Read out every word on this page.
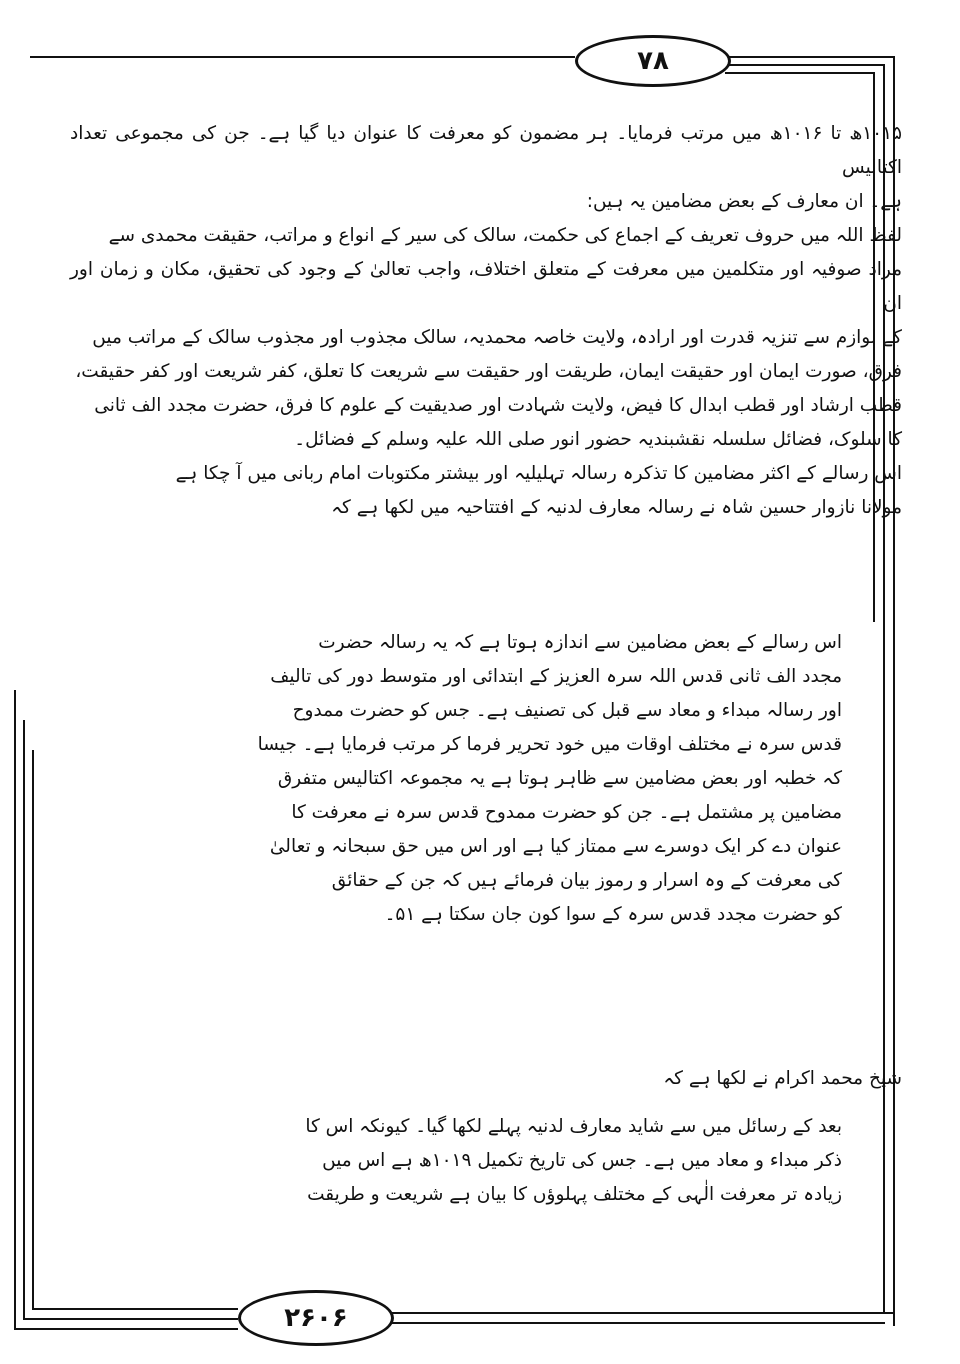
۷۸
۲۶۰۶

۱۰۱۵ھ تا ۱۰۱۶ھ میں مرتب فرمایا۔ ہر مضمون کو معرفت کا عنوان دیا گیا ہے۔ جن کی مجموعی تعداد اکتالیس

ہے۔ ان معارف کے بعض مضامین یہ ہیں:

لفظ اللہ میں حروف تعریف کے اجماع کی حکمت، سالک کی سیر کے انواع و مراتب، حقیقت محمدی سے

مراد صوفیہ اور متکلمین میں معرفت کے متعلق اختلاف، واجب تعالیٰ کے وجود کی تحقیق، مکان و زمان اور ان

کے لوازم سے تنزیہ قدرت اور ارادہ، ولایت خاصہ محمدیہ، سالک مجذوب اور مجذوب سالک کے مراتب میں

فرق، صورت ایمان اور حقیقت ایمان، طریقت اور حقیقت سے شریعت کا تعلق، کفر شریعت اور کفر حقیقت،

قطب ارشاد اور قطب ابدال کا فیض، ولایت شہادت اور صدیقیت کے علوم کا فرق، حضرت مجدد الف ثانی

کا سلوک، فضائل سلسلہ نقشبندیہ حضور انور صلی اللہ علیہ وسلم کے فضائل۔

اس رسالے کے اکثر مضامین کا تذکرہ رسالہ تہلیلیہ اور بیشتر مکتوبات امام ربانی میں آ چکا ہے

مولانا نازوار حسین شاہ نے رسالہ معارف لدنیہ کے افتتاحیہ میں لکھا ہے کہ

اس رسالے کے بعض مضامین سے اندازہ ہوتا ہے کہ یہ رسالہ حضرت

مجدد الف ثانی قدس اللہ سرہ العزیز کے ابتدائی اور متوسط دور کی تالیف

اور رسالہ مبداء و معاد سے قبل کی تصنیف ہے۔ جس کو حضرت ممدوح

قدس سرہ نے مختلف اوقات میں خود تحریر فرما کر مرتب فرمایا ہے۔ جیسا

کہ خطبہ اور بعض مضامین سے ظاہر ہوتا ہے یہ مجموعہ اکتالیس متفرق

مضامین پر مشتمل ہے۔ جن کو حضرت ممدوح قدس سرہ نے معرفت کا

عنوان دے کر ایک دوسرے سے ممتاز کیا ہے اور اس میں حق سبحانہ و تعالیٰ

کی معرفت کے وہ اسرار و رموز بیان فرمائے ہیں کہ جن کے حقائق

کو حضرت مجدد قدس سرہ کے سوا کون جان سکتا ہے ۵۱۔

شیخ محمد اکرام نے لکھا ہے کہ

بعد کے رسائل میں سے شاید معارف لدنیہ پہلے لکھا گیا۔ کیونکہ اس کا

ذکر مبداء و معاد میں ہے۔ جس کی تاریخ تکمیل ۱۰۱۹ھ ہے اس میں

زیادہ تر معرفت الٰہی کے مختلف پہلوؤں کا بیان ہے شریعت و طریقت
